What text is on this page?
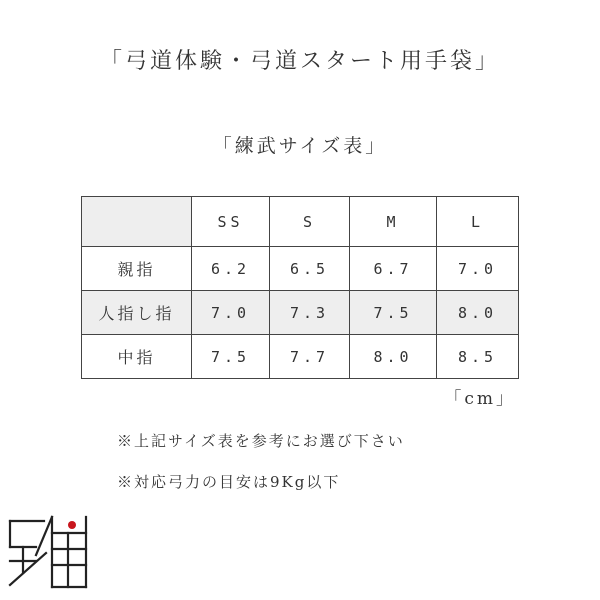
「弓道体験・弓道スタート用手袋」
「練武サイズ表」
	SS	S	M	L
親指	6.2	6.5	6.7	7.0
人指し指	7.0	7.3	7.5	8.0
中指	7.5	7.7	8.0	8.5
「cm」
※上記サイズ表を参考にお選び下さい
※対応弓力の目安は9Kg以下
